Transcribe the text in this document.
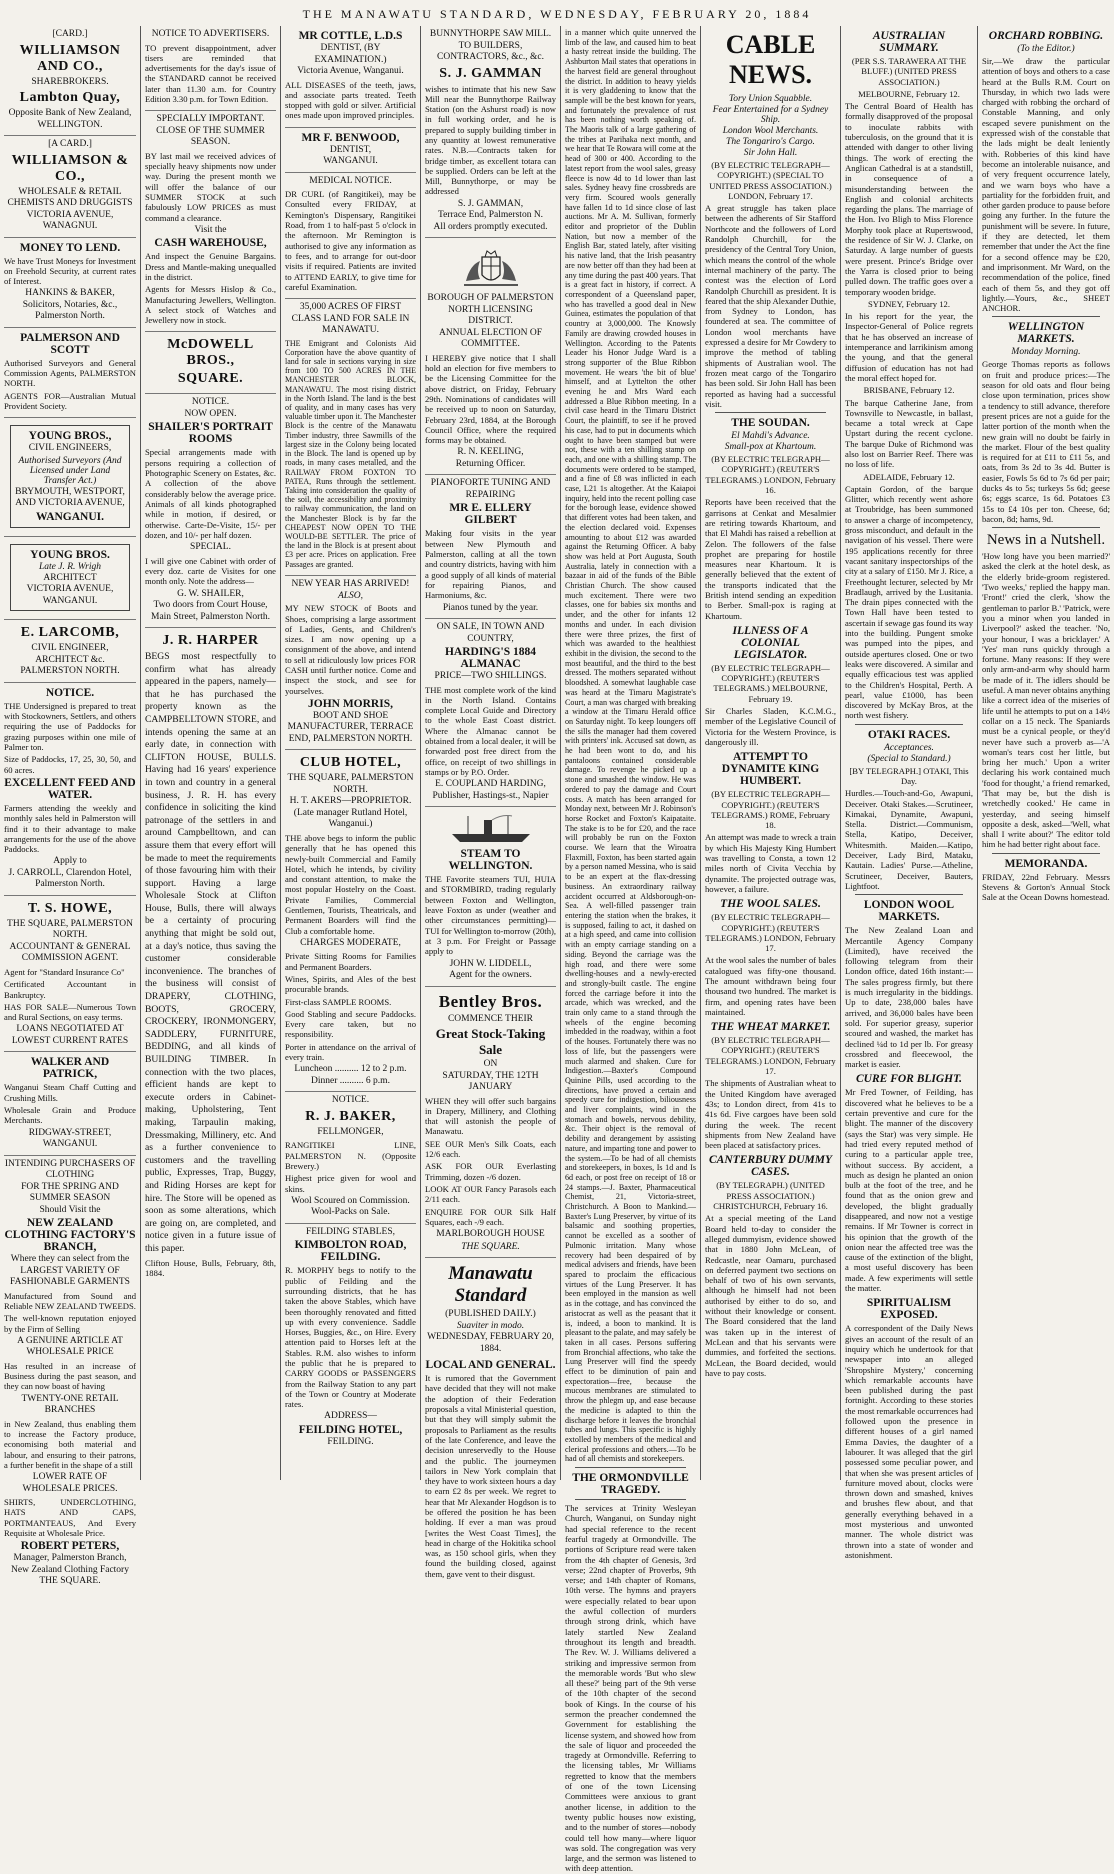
THE MANAWATU STANDARD, WEDNESDAY, FEBRUARY 20, 1884
[CARD.]
WILLIAMSON AND CO.,
SHAREBROKERS.
Lambton Quay,
Opposite Bank of New Zealand, WELLINGTON.
[A CARD.]
WILLIAMSON & CO.,
WHOLESALE & RETAIL
CHEMISTS AND DRUGGISTS
VICTORIA AVENUE,
WANAGNUI.
MONEY TO LEND.
We have Trust Moneys for Investment on Freehold Security, at current rates of Interest.
HANKINS & BAKER,
Solicitors, Notaries, &c., Palmerston North.
PALMERSON AND SCOTT
Authorised Surveyors and General Commission Agents, PALMERSTON NORTH.
AGENTS FOR—Australian Mutual Provident Society.
YOUNG BROS.,
CIVIL ENGINEERS,
Authorised Surveyors (And Licensed under Land Transfer Act.)
BRYMOUTH, WESTPORT, AND VICTORIA AVENUE,
WANGANUI.
YOUNG BROS.
Late J. R. Wrigh
ARCHITECT
VICTORIA AVENUE, WANGANUI.
E. LARCOMB,
CIVIL ENGINEER,
ARCHITECT &c.
PALMERSTON NORTH.
NOTICE.
THE Undersigned is prepared to treat with Stockowners, Settlers, and others requiring the use of Paddocks for grazing purposes within one mile of Palmer ton.
Size of Paddocks, 17, 25, 30, 50, and 60 acres.
EXCELLENT FEED AND WATER.
Farmers attending the weekly and monthly sales held in Palmerston will find it to their advantage to make arrangements for the use of the above Paddocks.
Apply to
J. CARROLL, Clarendon Hotel, Palmerston North.
T. S. HOWE,
THE SQUARE, PALMERSTON NORTH.
ACCOUNTANT & GENERAL COMMISSION AGENT.
Agent for "Standard Insurance Co"
Certificated Accountant in Bankruptcy.
HAS FOR SALE—Numerous Town and Rural Sections, on easy terms.
LOANS NEGOTIATED AT LOWEST CURRENT RATES
WALKER AND PATRICK,
Wanganui Steam Chaff Cutting and Crushing Mills.
Wholesale Grain and Produce Merchants.
RIDGWAY-STREET, WANGANUI.
INTENDING PURCHASERS OF CLOTHING
FOR THE SPRING AND SUMMER SEASON
Should Visit the
NEW ZEALAND CLOTHING FACTORY'S BRANCH,
Where they can select from the
LARGEST VARIETY OF FASHIONABLE GARMENTS
Manufactured from Sound and Reliable NEW ZEALAND TWEEDS.
The well-known reputation enjoyed by the Firm of Selling
A GENUINE ARTICLE AT WHOLESALE PRICE
Has resulted in an increase of Business during the past season, and they can now boast of having
TWENTY-ONE RETAIL BRANCHES
in New Zealand, thus enabling them to increase the Factory produce, economising both material and labour, and ensuring to their patrons, a further benefit in the shape of a still
LOWER RATE OF WHOLESALE PRICES.
SHIRTS, UNDERCLOTHING, HATS AND CAPS, PORTMANTEAUS, And Every Requisite at Wholesale Price.
ROBERT PETERS,
Manager, Palmerston Branch, New Zealand Clothing Factory
THE SQUARE.
NOTICE TO ADVERTISERS.
TO prevent disappointment, adver tisers are reminded that advertisements for the day's issue of the STANDARD cannot be received later than 11.30 a.m. for Country Edition 3.30 p.m. for Town Edition.
SPECIALLY IMPORTANT.
CLOSE OF THE SUMMER SEASON.
BY last mail we received advices of specially heavy shipments now under way. During the present month we will offer the balance of our SUMMER STOCK at such fabulously LOW PRICES as must command a clearance.
Visit the
CASH WAREHOUSE,
And inspect the Genuine Bargains. Dress and Mantle-making unequalled in the district.
Agents for Messrs Hislop & Co., Manufacturing Jewellers, Wellington. A select stock of Watches and Jewellery now in stock.
McDOWELL BROS.,
SQUARE.
NOTICE.
NOW OPEN.
SHAILER'S PORTRAIT ROOMS
Special arrangements made with persons requiring a collection of Photographic Scenery on Estates, &c. A collection of the above considerably below the average price. Animals of all kinds photographed while in motion, if desired, or otherwise. Carte-De-Visite, 15/- per dozen, and 10/- per half dozen.
SPECIAL.
I will give one Cabinet with order of every doz. carte de Visites for one month only. Note the address—
G. W. SHAILER,
Two doors from Court House, Main Street, Palmerston North.
J. R. HARPER
BEGS most respectfully to confirm what has already appeared in the papers, namely—that he has purchased the property known as the CAMPBELLTOWN STORE, and intends opening the same at an early date, in connection with CLIFTON HOUSE, BULLS. Having had 16 years' experience in town and country in a general business, J. R. H. has every confidence in soliciting the kind patronage of the settlers in and around Campbelltown, and can assure them that every effort will be made to meet the requirements of those favouring him with their support. Having a large Wholesale Stock at Clifton House, Bulls, there will always be a certainty of procuring anything that might be sold out, at a day's notice, thus saving the customer considerable inconvenience. The branches of the business will consist of DRAPERY, CLOTHING, BOOTS, GROCERY, CROCKERY, IRONMONGERY, SADDLERY, FURNITURE, BEDDING, and all kinds of BUILDING TIMBER. In connection with the two places, efficient hands are kept to execute orders in Cabinet-making, Upholstering, Tent making, Tarpaulin making, Dressmaking, Millinery, etc. And as a further convenience to customers and the travelling public, Expresses, Trap, Buggy, and Riding Horses are kept for hire. The Store will be opened as soon as some alterations, which are going on, are completed, and notice given in a future issue of this paper.
Clifton House, Bulls, February, 8th, 1884.
MR COTTLE, L.D.S
DENTIST, (BY EXAMINATION.)
Victoria Avenue, Wanganui.
ALL DISEASES of the teeth, jaws, and associate parts treated. Teeth stopped with gold or silver. Artificial ones made upon improved principles.
MR F. BENWOOD,
DENTIST,
WANGANUI.
MEDICAL NOTICE.
DR CURL (of Rangitikei), may be Consulted every FRIDAY, at Kemington's Dispensary, Rangitikei Road, from 1 to half-past 5 o'clock in the afternoon. Mr Remington is authorised to give any information as to fees, and to arrange for out-door visits if required. Patients are invited to ATTEND EARLY, to give time for careful Examination.
35,000 ACRES OF FIRST CLASS LAND FOR SALE IN MANAWATU.
THE Emigrant and Colonists Aid Corporation have the above quantity of land for sale in sections varying in size from 100 TO 500 ACRES IN THE MANCHESTER BLOCK, MANAWATU. The most rising district in the North Island. The land is the best of quality, and in many cases has very valuable timber upon it. The Manchester Block is the centre of the Manawatu Timber industry, three Sawmills of the largest size in the Colony being located in the Block. The land is opened up by roads, in many cases metalled, and the RAILWAY FROM FOXTON TO PATEA, Runs through the settlement. Taking into consideration the quality of the soil, the accessibility and proximity to railway communication, the land on the Manchester Block is by far the CHEAPEST NOW OPEN TO THE WOULD-BE SETTLER. The price of the land in the Block is at present about £3 per acre. Prices on application. Free Passages are granted.
NEW YEAR HAS ARRIVED!
ALSO,
MY NEW STOCK of Boots and Shoes, comprising a large assortment of Ladies, Gents, and Children's sizes. I am now opening up a consignment of the above, and intend to sell at ridiculously low prices FOR CASH until further notice. Come and inspect the stock, and see for yourselves.
JOHN MORRIS,
BOOT AND SHOE MANUFACTURER, TERRACE END, PALMERSTON NORTH.
CLUB HOTEL,
THE SQUARE, PALMERSTON NORTH.
H. T. AKERS—PROPRIETOR.
(Late manager Rutland Hotel, Wanganui.)
THE above begs to inform the public generally that he has opened this newly-built Commercial and Family Hotel, which he intends, by civility and constant attention, to make the most popular Hostelry on the Coast. Private Families, Commercial Gentlemen, Tourists, Theatricals, and Permanent Boarders will find the Club a comfortable home.
CHARGES MODERATE,
Private Sitting Rooms for Families and Permanent Boarders.
Wines, Spirits, and Ales of the best procurable brands.
First-class SAMPLE ROOMS.
Good Stabling and secure Paddocks. Every care taken, but no responsibility.
Porter in attendance on the arrival of every train.
Luncheon .......... 12 to 2 p.m.
Dinner .......... 6 p.m.
NOTICE.
R. J. BAKER,
FELLMONGER,
RANGITIKEI LINE, PALMERSTON N. (Opposite Brewery.)
Highest price given for wool and skins.
Wool Scoured on Commission.
Wool-Packs on Sale.
FEILDING STABLES,
KIMBOLTON ROAD, FEILDING.
R. MORPHY begs to notify to the public of Feilding and the surrounding districts, that he has taken the above Stables, which have been thoroughly renovated and fitted up with every convenience. Saddle Horses, Buggies, &c., on Hire. Every attention paid to Horses left at the Stables. R.M. also wishes to inform the public that he is prepared to CARRY GOODS or PASSENGERS from the Railway Station to any part of the Town or Country at Moderate rates.
ADDRESS—
FEILDING HOTEL,
FEILDING.
BUNNYTHORPE SAW MILL.
TO BUILDERS, CONTRACTORS, &c., &c.
S. J. GAMMAN
wishes to intimate that his new Saw Mill near the Bunnythorpe Railway Station (on the Ashurst road) is now in full working order, and he is prepared to supply building timber in any quantity at lowest remunerative rates. N.B.—Contracts taken for bridge timber, as excellent totara can be supplied. Orders can be left at the Mill, Bunnythorpe, or may be addressed
S. J. GAMMAN,
Terrace End, Palmerston N.
All orders promptly executed.
BOROUGH OF PALMERSTON NORTH LICENSING DISTRICT.
ANNUAL ELECTION OF COMMITTEE.
I HEREBY give notice that I shall hold an election for five members to be the Licensing Committee for the above district, on Friday, February 29th. Nominations of candidates will be received up to noon on Saturday, February 23rd, 1884, at the Borough Council Office, where the required forms may be obtained.
R. N. KEELING,
Returning Officer.
PIANOFORTE TUNING AND REPAIRING
MR E. ELLERY GILBERT
Making four visits in the year between New Plymouth and Palmerston, calling at all the town and country districts, having with him a good supply of all kinds of material for repairing Pianos, and Harmoniums, &c.
Pianos tuned by the year.
ON SALE, IN TOWN AND COUNTRY,
HARDING'S 1884 ALMANAC
PRICE—TWO SHILLINGS.
THE most complete work of the kind in the North Island. Contains complete Local Guide and Directory to the whole East Coast district. Where the Almanac cannot be obtained from a local dealer, it will be forwarded post free direct from the office, on receipt of two shillings in stamps or by P.O. Order.
E. COUPLAND HARDING,
Publisher, Hastings-st., Napier
STEAM TO WELLINGTON.
THE Favorite steamers TUI, HUIA and STORMBIRD, trading regularly between Foxton and Wellington, leave Foxton as under (weather and other circumstances permitting)— TUI for Wellington to-morrow (20th), at 3 p.m. For Freight or Passage apply to
JOHN W. LIDDELL,
Agent for the owners.
Bentley Bros.
COMMENCE THEIR
Great Stock-Taking Sale
ON
SATURDAY, THE 12TH JANUARY
WHEN they will offer such bargains in Drapery, Millinery, and Clothing that will astonish the people of Manawatu.
SEE OUR Men's Silk Coats, each 12/6 each.
ASK FOR OUR Everlasting Trimming, dozen -/6 dozen.
LOOK AT OUR Fancy Parasols each 2/11 each.
ENQUIRE FOR OUR Silk Half Squares, each -/9 each.
MARLBOROUGH HOUSE
THE SQUARE.
Manawatu Standard
(PUBLISHED DAILY.)
Suaviter in modo.
WEDNESDAY, FEBRUARY 20, 1884.
LOCAL AND GENERAL.
It is rumored that the Government have decided that they will not make the adoption of their Federation proposals a vital Ministerial question, but that they will simply submit the proposals to Parliament as the results of the late Conference, and leave the decision unreservedly to the House and the public. The journeymen tailors in New York complain that they have to work sixteen hours a day to earn £2 8s per week. We regret to hear that Mr Alexander Hogdson is to be offered the position he has been holding. If ever a man was proud [writes the West Coast Times], the head in charge of the Hokitika school was, as 150 school girls, when they found the building closed, against them, gave vent to their disgust.
in a manner which quite unnerved the limb of the law, and caused him to beat a hasty retreat inside the building. The Ashburton Mail states that operations in the harvest field are general throughout the district. In addition to heavy yields it is very gladdening to know that the sample will be the best known for years, and fortunately the prevalence of rust has been nothing worth speaking of. The Maoris talk of a large gathering of the tribes at Parihaka next month, and we hear that Te Rowara will come at the head of 300 or 400. According to the latest report from the wool sales, greasy fleece is now 4d to 1d lower than last sales. Sydney heavy fine crossbreds are very firm. Scoured wools generally have fallen 1d to 1d since close of last auctions. Mr A. M. Sullivan, formerly editor and proprietor of the Dublin Nation, but now a member of the English Bar, stated lately, after visiting his native land, that the Irish peasantry are now better off than they had been at any time during the past 400 years. That is a great fact in history, if correct. A correspondent of a Queensland paper, who has travelled a good deal in New Guinea, estimates the population of that country at 3,000,000. The Knowsly Family are drawing crowded houses in Wellington. According to the Patents Leader his Honor Judge Ward is a strong supporter of the Blue Ribbon movement. He wears 'the bit of blue' himself, and at Lyttelton the other evening he and Mrs Ward each addressed a Blue Ribbon meeting. In a civil case heard in the Timaru District Court, the plaintiff, to see if he proved his case, had to put in documents which ought to have been stamped but were not, these with a ten shilling stamp on each, and one with a shilling stamp. The documents were ordered to be stamped, and a fine of £8 was inflicted in each case, L21 1s altogether. At the Kaiapoi inquiry, held into the recent polling case for the borough lease, evidence showed that different votes had been taken, and the election declared void. Expenses amounting to about £12 was awarded against the Returning Officer. A baby show was held at Port Augusta, South Australia, lately in connection with a bazaar in aid of the funds of the Bible Christian Church. The show caused much excitement. There were two classes, one for babies six months and under, and the other for infants 12 months and under. In each division there were three prizes, the first of which was awarded to the healthiest exhibit in the division, the second to the most beautiful, and the third to the best dressed. The mothers separated without bloodshed. A somewhat laughable case was heard at the Timaru Magistrate's Court, a man was charged with breaking a window at the Timaru Herald office on Saturday night. To keep loungers off the sills the manager had them covered with printers' ink. Accused sat down, as he had been wont to do, and his pantaloons contained considerable damage. To revenge he picked up a stone and smashed the window. He was ordered to pay the damage and Court costs. A match has been arranged for Monday next, between Mr J. Robinson's horse Rocket and Foxton's Kaipataite. The stake is to be for £20, and the race will probably be run on the Foxton course. We learn that the Wiroatra Flaxmill, Foxton, has been started again by a person named Messina, who is said to be an expert at the flax-dressing business. An extraordinary railway accident occurred at Aldsborough-on-Sea. A well-filled passenger train entering the station when the brakes, it is supposed, failing to act, it dashed on at a high speed, and came into collision with an empty carriage standing on a siding. Beyond the carriage was the high road, and there were some dwelling-houses and a newly-erected and strongly-built castle. The engine forced the carriage before it into the arcade, which was wrecked, and the train only came to a stand through the wheels of the engine becoming imbedded in the roadway, within a foot of the houses. Fortunately there was no loss of life, but the passengers were much alarmed and shaken. Cure for Indigestion.—Baxter's Compound Quinine Pills, used according to the directions, have proved a certain and speedy cure for indigestion, biliousness and liver complaints, wind in the stomach and bowels, nervous debility, &c. Their object is the removal of debility and derangement by assisting nature, and imparting tone and power to the system.—To be had of all chemists and storekeepers, in boxes, Is 1d and Is 6d each, or post free on receipt of 18 or 24 stamps.—J. Baxter, Pharmaceutical Chemist, 21, Victoria-street, Christchurch. A Boon to Mankind.—Baxter's Lung Preserver, by virtue of its balsamic and soothing properties, cannot be excelled as a soother of Pulmonic irritation. Many whose recovery had been despaired of by medical advisers and friends, have been spared to proclaim the efficacious virtues of the Lung Preserver. It has been employed in the mansion as well as in the cottage, and has convinced the aristocrat as well as the peasant that it is, indeed, a boon to mankind. It is pleasant to the palate, and may safely be taken in all cases. Persons suffering from Bronchial affections, who take the Lung Preserver will find the speedy effect to be diminution of pain and expectoration—free, because the mucous membranes are stimulated to throw the phlegm up, and ease because the medicine is adapted to thin the discharge before it leaves the bronchial tubes and lungs. This specific is highly extolled by members of the medical and clerical professions and others.—To be had of all chemists and storekeepers.
THE ORMONDVILLE TRAGEDY.
The services at Trinity Wesleyan Church, Wanganui, on Sunday night had special reference to the recent fearful tragedy at Ormondville. The portions of Scripture read were taken from the 4th chapter of Genesis, 3rd verse; 22nd chapter of Proverbs, 9th verse; and 14th chapter of Romans, 10th verse. The hymns and prayers were especially related to bear upon the awful collection of murders through strong drink, which have lately startled New Zealand throughout its length and breadth. The Rev. W. J. Williams delivered a striking and impressive sermon from the memorable words 'But who slew all these?' being part of the 9th verse of the 10th chapter of the second book of Kings. In the course of his sermon the preacher condemned the Government for establishing the license system, and showed how from the sale of liquor and proceeded the tragedy at Ormondville. Referring to the licensing tables, Mr Williams regretted to know that the members of one of the town Licensing Committees were anxious to grant another license, in addition to the twenty public houses now existing, and to the number of stores—nobody could tell how many—where liquor was sold. The congregation was very large, and the sermon was listened to with deep attention.
CABLE NEWS.
Tory Union Squabble.
Fear Entertained for a Sydney Ship.
London Wool Merchants.
The Tongariro's Cargo.
Sir John Hall.
(BY ELECTRIC TELEGRAPH—COPYRIGHT.) (SPECIAL TO UNITED PRESS ASSOCIATION.) LONDON, February 17.
A great struggle has taken place between the adherents of Sir Stafford Northcote and the followers of Lord Randolph Churchill, for the presidency of the Central Tory Union, which means the control of the whole internal machinery of the party. The contest was the election of Lord Randolph Churchill as president. It is feared that the ship Alexander Duthie, from Sydney to London, has foundered at sea. The committee of London wool merchants have expressed a desire for Mr Cowdery to improve the method of tabling shipments of Australian wool. The frozen meat cargo of the Tongariro has been sold. Sir John Hall has been reported as having had a successful visit.
THE SOUDAN.
El Mahdi's Advance.
Small-pox at Khartoum.
(BY ELECTRIC TELEGRAPH—COPYRIGHT.) (REUTER'S TELEGRAMS.) LONDON, February 16.
Reports have been received that the garrisons at Cenkat and Mesalmier are retiring towards Khartoum, and that El Mahdi has raised a rebellion at Zelon. The followers of the false prophet are preparing for hostile measures near Khartoum. It is generally believed that the extent of the transports indicated that the British intend sending an expedition to Berber. Small-pox is raging at Khartoum.
ILLNESS OF A COLONIAL LEGISLATOR.
(BY ELECTRIC TELEGRAPH—COPYRIGHT.) (REUTER'S TELEGRAMS.) MELBOURNE, February 19.
Sir Charles Sladen, K.C.M.G., member of the Legislative Council of Victoria for the Western Province, is dangerously ill.
ATTEMPT TO DYNAMITE KING HUMBERT.
(BY ELECTRIC TELEGRAPH—COPYRIGHT.) (REUTER'S TELEGRAMS.) ROME, February 18.
An attempt was made to wreck a train by which His Majesty King Humbert was travelling to Consta, a town 12 miles north of Civita Vecchia by dynamite. The projected outrage was, however, a failure.
THE WOOL SALES.
(BY ELECTRIC TELEGRAPH—COPYRIGHT.) (REUTER'S TELEGRAMS.) LONDON, February 17.
At the wool sales the number of bales catalogued was fifty-one thousand. The amount withdrawn being four thousand two hundred. The market is firm, and opening rates have been maintained.
THE WHEAT MARKET.
(BY ELECTRIC TELEGRAPH—COPYRIGHT.) (REUTER'S TELEGRAMS.) LONDON, February 17.
The shipments of Australian wheat to the United Kingdom have averaged 43s; to London direct, from 41s to 41s 6d. Five cargoes have been sold during the week. The recent shipments from New Zealand have been placed at satisfactory prices.
CANTERBURY DUMMY CASES.
(BY TELEGRAPH.) (UNITED PRESS ASSOCIATION.) CHRISTCHURCH, February 16.
At a special meeting of the Land Board held to-day to consider the alleged dummyism, evidence showed that in 1880 John McLean, of Redcastle, near Oamaru, purchased on deferred payment two sections on behalf of two of his own servants, although he himself had not been authorised by either to do so, and without their knowledge or consent. The Board considered that the land was taken up in the interest of McLean and that his servants were dummies, and forfeited the sections. McLean, the Board decided, would have to pay costs.
AUSTRALIAN SUMMARY.
(PER S.S. TARAWERA AT THE BLUFF.) (UNITED PRESS ASSOCIATION.)
MELBOURNE, February 12.
The Central Board of Health has formally disapproved of the proposal to inoculate rabbits with tuberculosis, on the ground that it is attended with danger to other living things. The work of erecting the Anglican Cathedral is at a standstill, in consequence of a misunderstanding between the English and colonial architects regarding the plans. The marriage of the Hon. Ivo Bligh to Miss Florence Morphy took place at Rupertswood, the residence of Sir W. J. Clarke, on Saturday. A large number of guests were present. Prince's Bridge over the Yarra is closed prior to being pulled down. The traffic goes over a temporary wooden bridge.
SYDNEY, February 12.
In his report for the year, the Inspector-General of Police regrets that he has observed an increase of intemperance and larrikinism among the young, and that the general diffusion of education has not had the moral effect hoped for.
BRISBANE, February 12.
The barque Catherine Jane, from Townsville to Newcastle, in ballast, became a total wreck at Cape Upstart during the recent cyclone. The barque Duke of Richmond was also lost on Barrier Reef. There was no loss of life.
ADELAIDE, February 12.
Captain Gordon, of the barque Glitter, which recently went ashore at Troubridge, has been summoned to answer a charge of incompetency, gross misconduct, and default in the navigation of his vessel. There were 195 applications recently for three vacant sanitary inspectorships of the city at a salary of £150. Mr J. Rice, a Freethought lecturer, selected by Mr Bradlaugh, arrived by the Lusitania. The drain pipes connected with the Town Hall have been tested to ascertain if sewage gas found its way into the building. Pungent smoke was pumped into the pipes, and outside apertures closed. One or two leaks were discovered. A similar and equally efficacious test was applied to the Children's Hospital, Perth. A pearl, value £1000, has been discovered by McKay Bros, at the north west fishery.
OTAKI RACES.
Acceptances.
(Special to Standard.)
[BY TELEGRAPH.] OTAKI, This Day.
Hurdles.—Touch-and-Go, Awapuni, Deceiver. Otaki Stakes.—Scrutineer, Kimakai, Dynamite, Awapuni, Stella. District.—Communism, Stella, Katipo, Deceiver, Whitesmith. Maiden.—Katipo, Deceiver, Lady Bird, Mataku, Kautain. Ladies' Purse.—Atheline, Scrutineer, Deceiver, Bauters, Lightfoot.
LONDON WOOL MARKETS.
The New Zealand Loan and Mercantile Agency Company (Limited), have received the following telegram from their London office, dated 16th instant:— The sales progress firmly, but there is much irregularity in the biddings. Up to date, 238,000 bales have arrived, and 36,000 bales have been sold. For superior greasy, superior scoured and washed, the market has declined ¼d to 1d per lb. For greasy crossbred and fleecewool, the market is easier.
CURE FOR BLIGHT.
Mr Fred Towner, of Feilding, has discovered what he believes to be a certain preventive and cure for the blight. The manner of the discovery (says the Star) was very simple. He had tried every reputed method of curing to a particular apple tree, without success. By accident, a much as design he planted an onion bulb at the foot of the tree, and he found that as the onion grew and developed, the blight gradually disappeared, and now not a vestige remains. If Mr Towner is correct in his opinion that the growth of the onion near the affected tree was the cause of the extinction of the blight, a most useful discovery has been made. A few experiments will settle the matter.
SPIRITUALISM EXPOSED.
A correspondent of the Daily News gives an account of the result of an inquiry which he undertook for that newspaper into an alleged 'Shropshire Mystery,' concerning which remarkable accounts have been published during the past fortnight. According to these stories the most remarkable occurrences had followed upon the presence in different houses of a girl named Emma Davies, the daughter of a labourer. It was alleged that the girl possessed some peculiar power, and that when she was present articles of furniture moved about, clocks were thrown down and smashed, knives and brushes flew about, and that generally everything behaved in a most mysterious and unwonted manner. The whole district was thrown into a state of wonder and astonishment.
ORCHARD ROBBING.
(To the Editor.)
Sir,—We draw the particular attention of boys and others to a case heard at the Bulls R.M. Court on Thursday, in which two lads were charged with robbing the orchard of Constable Manning, and only escaped severe punishment on the expressed wish of the constable that the lads might be dealt leniently with. Robberies of this kind have become an intolerable nuisance, and of very frequent occurrence lately, and we warn boys who have a partiality for the forbidden fruit, and other garden produce to pause before going any further. In the future the punishment will be severe. In future, if they are detected, let them remember that under the Act the fine for a second offence may be £20, and imprisonment. Mr Ward, on the recommendation of the police, fined each of them 5s, and they got off lightly.—Yours, &c., SHEET ANCHOR.
WELLINGTON MARKETS.
Monday Morning.
George Thomas reports as follows on fruit and produce prices:—The season for old oats and flour being close upon termination, prices show a tendency to still advance, therefore present prices are not a guide for the latter portion of the month when the new grain will no doubt be fairly in the market. Flour of the best quality is required for at £11 to £11 5s, and oats, from 3s 2d to 3s 4d. Butter is easier, Fowls 5s 6d to 7s 6d per pair; ducks 4s to 5s; turkeys 5s 6d; geese 6s; eggs scarce, 1s 6d. Potatoes £3 15s to £4 10s per ton. Cheese, 6d; bacon, 8d; hams, 9d.
News in a Nutshell.
'How long have you been married?' asked the clerk at the hotel desk, as the elderly bride-groom registered. 'Two weeks,' replied the happy man. 'Front!' cried the clerk, 'show the gentleman to parlor B.' 'Patrick, were you a minor when you landed in Liverpool?' asked the teacher. 'No, your honour, I was a bricklayer.' A 'Yes' man runs quickly through a fortune. Many reasons: If they were only arm-and-arm why should harm be made of it. The idlers should be useful. A man never obtains anything like a correct idea of the miseries of life until he attempts to put on a 14½ collar on a 15 neck. The Spaniards must be a cynical people, or they'd never have such a proverb as—'A woman's tears cost her little, but bring her much.' Upon a writer declaring his work contained much 'food for thought,' a friend remarked, 'That may be, but the dish is wretchedly cooked.' He came in yesterday, and seeing himself opposite a desk, asked—'Well, what shall I write about?' The editor told him he had better right about face.
MEMORANDA.
FRIDAY, 22nd February. Messrs Stevens & Gorton's Annual Stock Sale at the Ocean Downs homestead.
